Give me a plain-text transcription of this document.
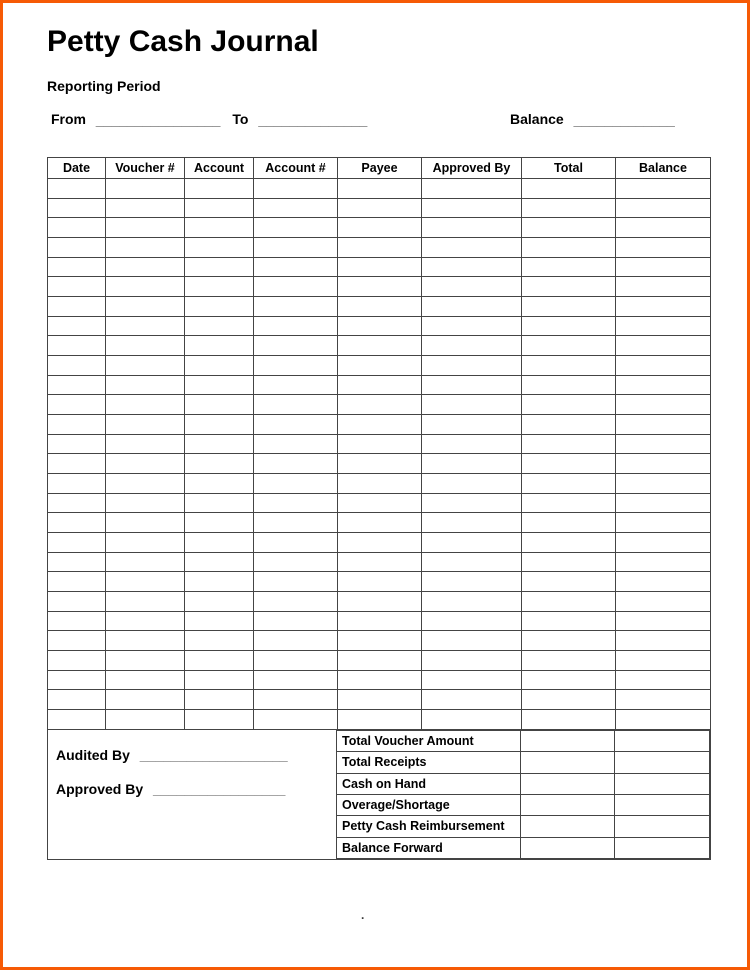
Petty Cash Journal
Reporting Period
From ________________ To ______________	Balance _____________
Date	Voucher #	Account	Account #	Payee	Approved By	Total	Balance

Audited By ___________________
Approved By _________________
Total Voucher Amount		
Total Receipts		
Cash on Hand		
Overage/Shortage		
Petty Cash Reimbursement		
Balance Forward		
.
